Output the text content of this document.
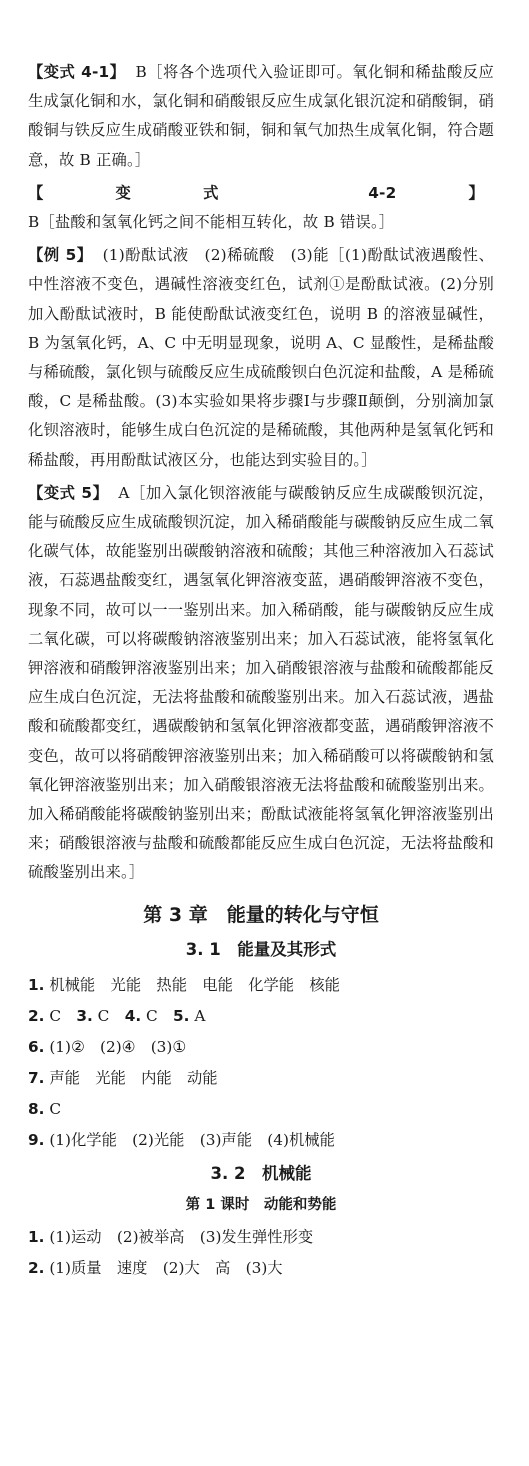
【变式 4-1】 B［将各个选项代入验证即可。氧化铜和稀盐酸反应生成氯化铜和水，氯化铜和硝酸银反应生成氯化银沉淀和硝酸铜，硝酸铜与铁反应生成硝酸亚铁和铜，铜和氧气加热生成氧化铜，符合题意，故 B 正确。］

【变式 4-2】B［盐酸和氢氧化钙之间不能相互转化，故 B 错误。］

【例 5】 (1)酚酞试液　(2)稀硫酸　(3)能［(1)酚酞试液遇酸性、中性溶液不变色，遇碱性溶液变红色，试剂①是酚酞试液。(2)分别加入酚酞试液时，B 能使酚酞试液变红色，说明 B 的溶液显碱性，B 为氢氧化钙，A、C 中无明显现象，说明 A、C 显酸性，是稀盐酸与稀硫酸，氯化钡与硫酸反应生成硫酸钡白色沉淀和盐酸，A 是稀硫酸，C 是稀盐酸。(3)本实验如果将步骤Ⅰ与步骤Ⅱ颠倒，分别滴加氯化钡溶液时，能够生成白色沉淀的是稀硫酸，其他两种是氢氧化钙和稀盐酸，再用酚酞试液区分，也能达到实验目的。］

【变式 5】 A［加入氯化钡溶液能与碳酸钠反应生成碳酸钡沉淀，能与硫酸反应生成硫酸钡沉淀，加入稀硝酸能与碳酸钠反应生成二氧化碳气体，故能鉴别出碳酸钠溶液和硫酸；其他三种溶液加入石蕊试液，石蕊遇盐酸变红，遇氢氧化钾溶液变蓝，遇硝酸钾溶液不变色，现象不同，故可以一一鉴别出来。加入稀硝酸，能与碳酸钠反应生成二氧化碳，可以将碳酸钠溶液鉴别出来；加入石蕊试液，能将氢氧化钾溶液和硝酸钾溶液鉴别出来；加入硝酸银溶液与盐酸和硫酸都能反应生成白色沉淀，无法将盐酸和硫酸鉴别出来。加入石蕊试液，遇盐酸和硫酸都变红，遇碳酸钠和氢氧化钾溶液都变蓝，遇硝酸钾溶液不变色，故可以将硝酸钾溶液鉴别出来；加入稀硝酸可以将碳酸钠和氢氧化钾溶液鉴别出来；加入硝酸银溶液无法将盐酸和硫酸鉴别出来。加入稀硝酸能将碳酸钠鉴别出来；酚酞试液能将氢氧化钾溶液鉴别出来；硝酸银溶液与盐酸和硫酸都能反应生成白色沉淀，无法将盐酸和硫酸鉴别出来。］

第 3 章　能量的转化与守恒
3. 1　能量及其形式

1. 机械能　光能　热能　电能　化学能　核能

2. C　3. C　4. C　5. A

6. (1)②　(2)④　(3)①

7. 声能　光能　内能　动能

8. C

9. (1)化学能　(2)光能　(3)声能　(4)机械能

3. 2　机械能
第 1 课时　动能和势能

1. (1)运动　(2)被举高　(3)发生弹性形变

2. (1)质量　速度　(2)大　高　(3)大
